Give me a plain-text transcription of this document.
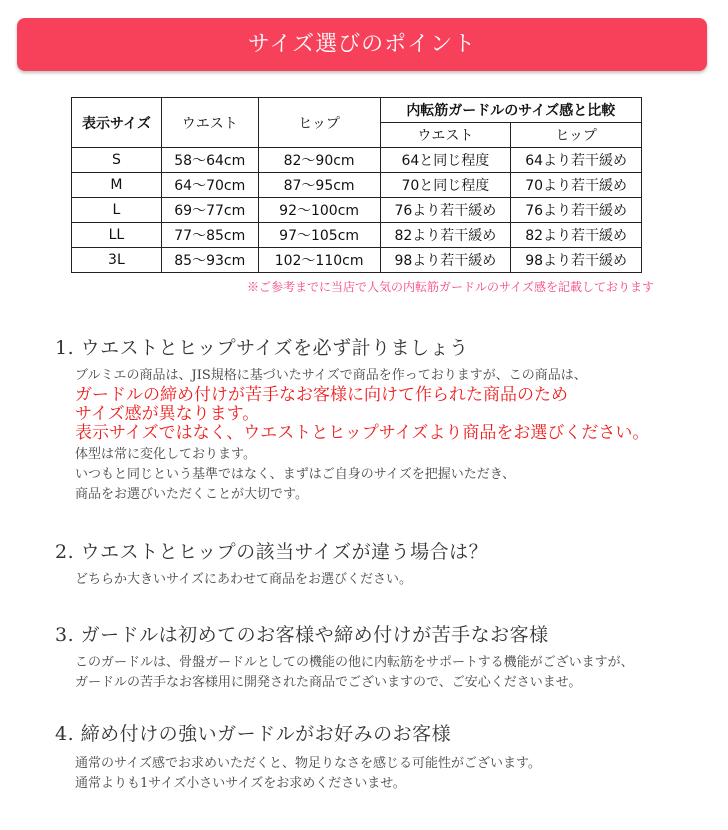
サイズ選びのポイント
表示サイズ	ウエスト	ヒップ	内転筋ガードルのサイズ感と比較	
			ウエスト	ヒップ
S	58～64cm	82～90cm	64と同じ程度	64より若干緩め
M	64～70cm	87～95cm	70と同じ程度	70より若干緩め
L	69～77cm	92～100cm	76より若干緩め	76より若干緩め
LL	77～85cm	97～105cm	82より若干緩め	82より若干緩め
3L	85～93cm	102～110cm	98より若干緩め	98より若干緩め
※ご参考までに当店で人気の内転筋ガードルのサイズ感を記載しております
1. ウエストとヒップサイズを必ず計りましょう

ブルミエの商品は、JIS規格に基づいたサイズで商品を作っておりますが、この商品は、

ガードルの締め付けが苦手なお客様に向けて作られた商品のため

サイズ感が異なります。

表示サイズではなく、ウエストとヒップサイズより商品をお選びください。

体型は常に変化しております。

いつもと同じという基準ではなく、まずはご自身のサイズを把握いただき、

商品をお選びいただくことが大切です。

2. ウエストとヒップの該当サイズが違う場合は？

どちらか大きいサイズにあわせて商品をお選びください。

3. ガードルは初めてのお客様や締め付けが苦手なお客様

このガードルは、骨盤ガードルとしての機能の他に内転筋をサポートする機能がございますが、

ガードルの苦手なお客様用に開発された商品でございますので、ご安心くださいませ。

4. 締め付けの強いガードルがお好みのお客様

通常のサイズ感でお求めいただくと、物足りなさを感じる可能性がございます。

通常よりも1サイズ小さいサイズをお求めくださいませ。
